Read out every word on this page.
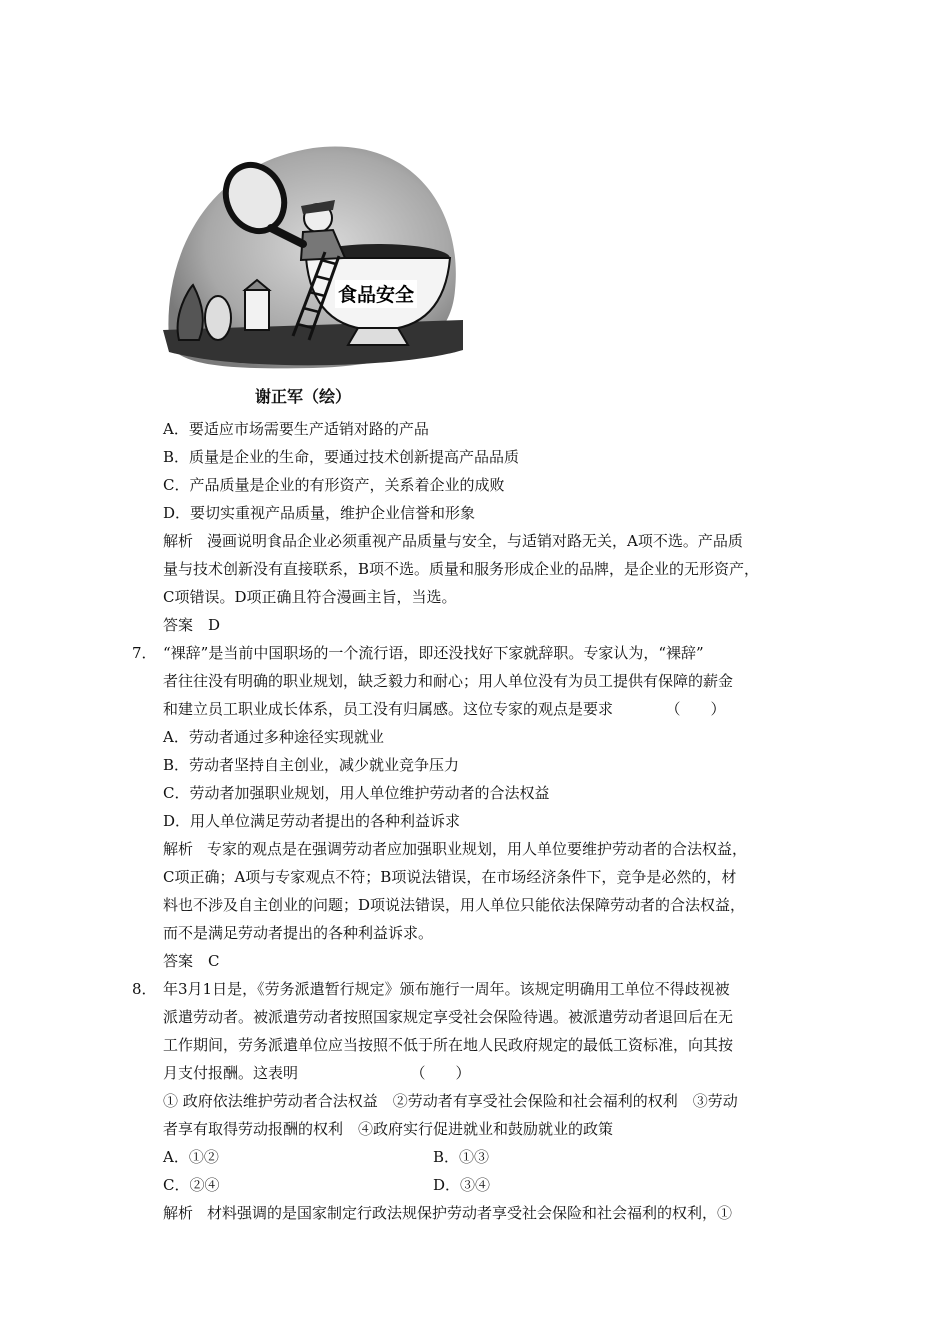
食品安全
谢正军（绘）
A．要适应市场需要生产适销对路的产品
B．质量是企业的生命，要通过技术创新提高产品品质
C．产品质量是企业的有形资产，关系着企业的成败
D．要切实重视产品质量，维护企业信誉和形象
解析 漫画说明食品企业必须重视产品质量与安全，与适销对路无关，A项不选。产品质
量与技术创新没有直接联系，B项不选。质量和服务形成企业的品牌，是企业的无形资产，
C项错误。D项正确且符合漫画主旨，当选。
答案　D
7． “裸辞”是当前中国职场的一个流行语，即还没找好下家就辞职。专家认为，“裸辞”
者往往没有明确的职业规划，缺乏毅力和耐心；用人单位没有为员工提供有保障的薪金
和建立员工职业成长体系，员工没有归属感。这位专家的观点是要求　　　　（　　）
A．劳动者通过多种途径实现就业
B．劳动者坚持自主创业，减少就业竞争压力
C．劳动者加强职业规划，用人单位维护劳动者的合法权益
D．用人单位满足劳动者提出的各种利益诉求
解析 专家的观点是在强调劳动者应加强职业规划，用人单位要维护劳动者的合法权益，
C项正确；A项与专家观点不符；B项说法错误，在市场经济条件下，竞争是必然的，材
料也不涉及自主创业的问题；D项说法错误，用人单位只能依法保障劳动者的合法权益，
而不是满足劳动者提出的各种利益诉求。
答案　C
8． 年3月1日是，《劳务派遣暂行规定》颁布施行一周年。该规定明确用工单位不得歧视被
派遣劳动者。被派遣劳动者按照国家规定享受社会保险待遇。被派遣劳动者退回后在无
工作期间，劳务派遣单位应当按照不低于所在地人民政府规定的最低工资标准，向其按
月支付报酬。这表明　　　　　　　　（　　）
① 政府依法维护劳动者合法权益　②劳动者有享受社会保险和社会福利的权利　③劳动
者享有取得劳动报酬的权利　④政府实行促进就业和鼓励就业的政策
A．①②	B．①③
C．②④	D．③④
解析 材料强调的是国家制定行政法规保护劳动者享受社会保险和社会福利的权利，①
